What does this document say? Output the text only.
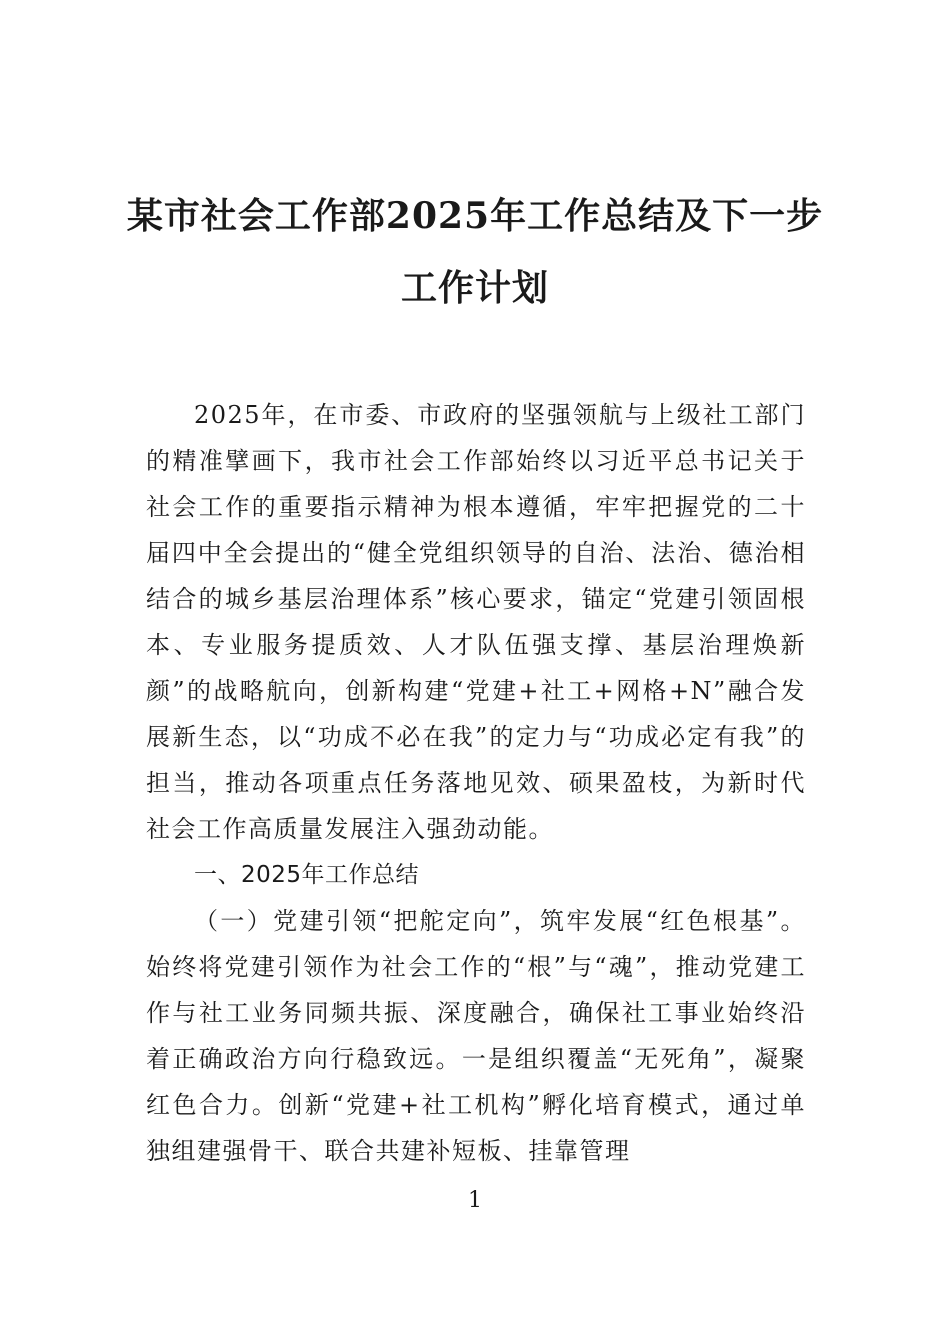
某市社会工作部2025年工作总结及下一步
工作计划

2025年，在市委、市政府的坚强领航与上级社工部门的精准擘画下，我市社会工作部始终以习近平总书记关于社会工作的重要指示精神为根本遵循，牢牢把握党的二十届四中全会提出的“健全党组织领导的自治、法治、德治相结合的城乡基层治理体系”核心要求，锚定“党建引领固根本、专业服务提质效、人才队伍强支撑、基层治理焕新颜”的战略航向，创新构建“党建+社工+网格+N”融合发展新生态，以“功成不必在我”的定力与“功成必定有我”的担当，推动各项重点任务落地见效、硕果盈枝，为新时代社会工作高质量发展注入强劲动能。

一、2025年工作总结

（一）党建引领“把舵定向”，筑牢发展“红色根基”。始终将党建引领作为社会工作的“根”与“魂”，推动党建工作与社工业务同频共振、深度融合，确保社工事业始终沿着正确政治方向行稳致远。一是组织覆盖“无死角”，凝聚红色合力。创新“党建+社工机构”孵化培育模式，通过单独组建强骨干、联合共建补短板、挂靠管理

1
